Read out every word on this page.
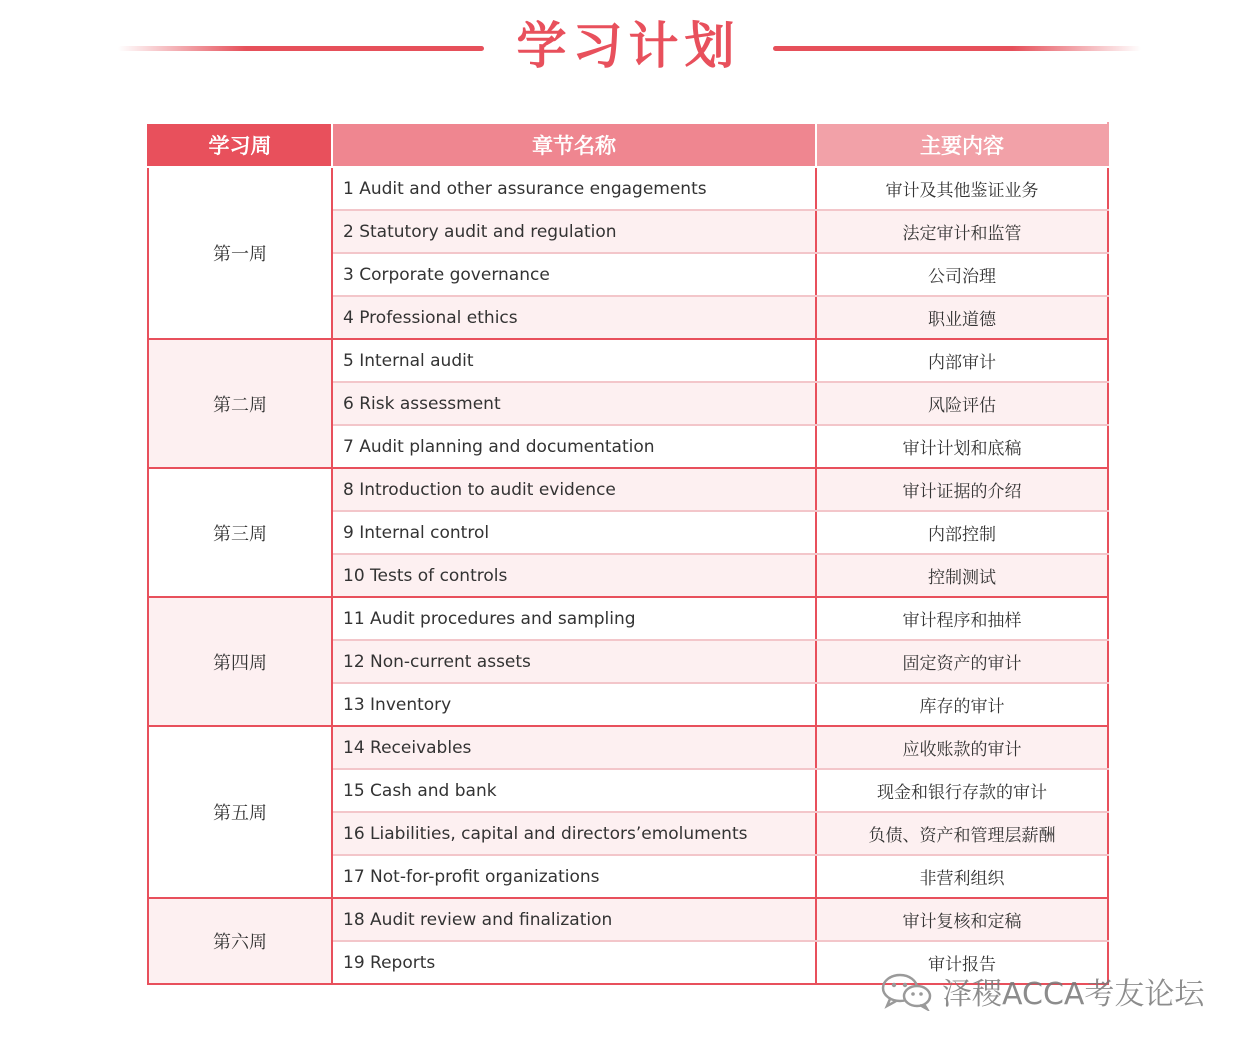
学习计划
学习周	章节名称	主要内容
第一周	1 Audit and other assurance engagements	审计及其他鉴证业务
	2 Statutory audit and regulation	法定审计和监管
	3 Corporate governance	公司治理
	4 Professional ethics	职业道德
第二周	5 Internal audit	内部审计
	6 Risk assessment	风险评估
	7 Audit planning and documentation	审计计划和底稿
第三周	8 Introduction to audit evidence	审计证据的介绍
	9 Internal control	内部控制
	10 Tests of controls	控制测试
第四周	11 Audit procedures and sampling	审计程序和抽样
	12 Non-current assets	固定资产的审计
	13 Inventory	库存的审计
第五周	14 Receivables	应收账款的审计
	15 Cash and bank	现金和银行存款的审计
	16 Liabilities, capital and directors’emoluments	负债、资产和管理层薪酬
	17 Not-for-profit organizations	非营利组织
第六周	18 Audit review and finalization	审计复核和定稿
	19 Reports	审计报告
泽稷ACCA考友论坛
